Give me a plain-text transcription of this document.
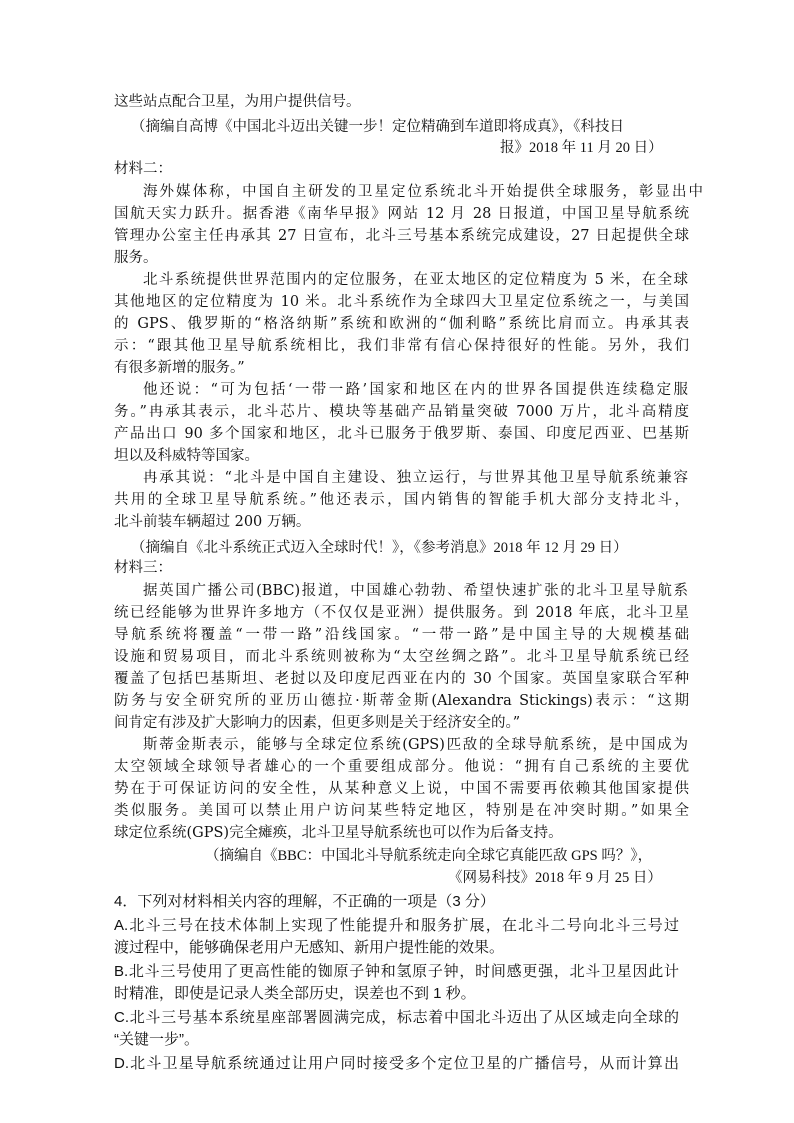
这些站点配合卫星，为用户提供信号。
（摘编自高博《中国北斗迈出关键一步！定位精确到车道即将成真》，《科技日
报》2018 年 11 月 20 日）
材料二：
海外媒体称，中国自主研发的卫星定位系统北斗开始提供全球服务，彰显出中
国航天实力跃升。据香港《南华早报》网站 12 月 28 日报道，中国卫星导航系统
管理办公室主任冉承其 27 日宣布，北斗三号基本系统完成建设，27 日起提供全球
服务。
北斗系统提供世界范围内的定位服务，在亚太地区的定位精度为 5 米，在全球
其他地区的定位精度为 10 米。北斗系统作为全球四大卫星定位系统之一，与美国
的 GPS、俄罗斯的“格洛纳斯”系统和欧洲的“伽利略”系统比肩而立。冉承其表
示：“跟其他卫星导航系统相比，我们非常有信心保持很好的性能。另外，我们
有很多新增的服务。”
他还说：“可为包括‘一带一路’国家和地区在内的世界各国提供连续稳定服
务。”冉承其表示，北斗芯片、模块等基础产品销量突破 7000 万片，北斗高精度
产品出口 90 多个国家和地区，北斗已服务于俄罗斯、泰国、印度尼西亚、巴基斯
坦以及科威特等国家。
冉承其说：“北斗是中国自主建设、独立运行，与世界其他卫星导航系统兼容
共用的全球卫星导航系统。”他还表示，国内销售的智能手机大部分支持北斗，
北斗前装车辆超过 200 万辆。
（摘编自《北斗系统正式迈入全球时代！》，《参考消息》2018 年 12 月 29 日）
材料三：
据英国广播公司(BBC)报道，中国雄心勃勃、希望快速扩张的北斗卫星导航系
统已经能够为世界许多地方（不仅仅是亚洲）提供服务。到 2018 年底，北斗卫星
导航系统将覆盖“一带一路”沿线国家。“一带一路”是中国主导的大规模基础
设施和贸易项目，而北斗系统则被称为“太空丝绸之路”。北斗卫星导航系统已经
覆盖了包括巴基斯坦、老挝以及印度尼西亚在内的 30 个国家。英国皇家联合军种
防务与安全研究所的亚历山德拉·斯蒂金斯(Alexandra Stickings)表示：“这期
间肯定有涉及扩大影响力的因素，但更多则是关于经济安全的。”
斯蒂金斯表示，能够与全球定位系统(GPS)匹敌的全球导航系统，是中国成为
太空领域全球领导者雄心的一个重要组成部分。他说：“拥有自己系统的主要优
势在于可保证访问的安全性，从某种意义上说，中国不需要再依赖其他国家提供
类似服务。美国可以禁止用户访问某些特定地区，特别是在冲突时期。”如果全
球定位系统(GPS)完全瘫痪，北斗卫星导航系统也可以作为后备支持。
（摘编自《BBC：中国北斗导航系统走向全球它真能匹敌 GPS 吗？》，
《网易科技》2018 年 9 月 25 日）
4．下列对材料相关内容的理解，不正确的一项是（3 分）
A.北斗三号在技术体制上实现了性能提升和服务扩展，在北斗二号向北斗三号过
渡过程中，能够确保老用户无感知、新用户提性能的效果。
B.北斗三号使用了更高性能的铷原子钟和氢原子钟，时间感更强，北斗卫星因此计
时精准，即使是记录人类全部历史，误差也不到 1 秒。
C.北斗三号基本系统星座部署圆满完成，标志着中国北斗迈出了从区域走向全球的
“关键一步”。
D.北斗卫星导航系统通过让用户同时接受多个定位卫星的广播信号，从而计算出
